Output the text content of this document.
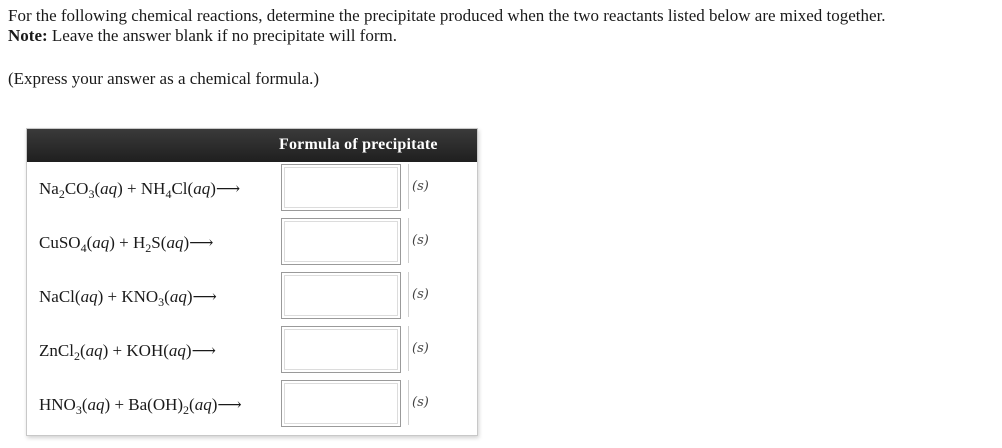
For the following chemical reactions, determine the precipitate produced when the two reactants listed below are mixed together.

Note: Leave the answer blank if no precipitate will form.

(Express your answer as a chemical formula.)
Formula of precipitate
$Na_2CO_3(aq)$ + $NH_4Cl(aq)⟶$	(s)
CuSO$_4$(aq) + $H_2S(aq)⟶$	(s)
NaCl(aq) + $KNO_3(aq)⟶$	(s)
ZnCl$_2$(aq) + KOH(aq)⟶	(s)
$HNO_3(aq)$ + $Ba(OH)_2(aq)⟶$	(s)
